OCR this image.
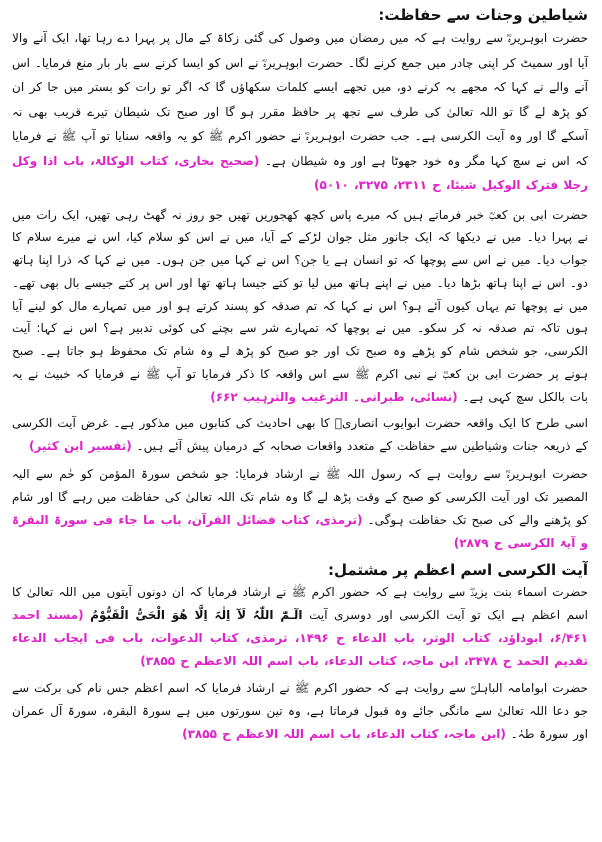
شیاطین وجنات سے حفاظت:

حضرت ابوہریرہؓ سے روایت ہے کہ میں رمضان میں وصول کی گئی زکاۃ کے مال پر پہرا دے رہا تھا، ایک آنے والا آیا اور سمیٹ کر اپنی چادر میں جمع کرنے لگا۔ حضرت ابوہریرہؓ نے اس کو ایسا کرنے سے بار بار منع فرمایا۔ اس آنے والے نے کہا کہ مجھے یہ کرنے دو، میں تجھے ایسے کلمات سکھاؤں گا کہ اگر تو رات کو بستر میں جا کر ان کو پڑھ لے گا تو اللہ تعالیٰ کی طرف سے تجھ پر حافظ مقرر ہو گا اور صبح تک شیطان تیرے قریب بھی نہ آسکے گا اور وہ آیت الکرسی ہے۔ جب حضرت ابوہریرہؓ نے حضور اکرم ﷺ کو یہ واقعہ سنایا تو آپ ﷺ نے فرمایا کہ اس نے سچ کہا مگر وہ خود جھوٹا ہے اور وہ شیطان ہے۔ (صحیح بخاری، کتاب الوکالۃ، باب اذا وکل رجلا فترک الوکیل شیئا، ح ۲۳۱۱، ۳۲۷۵، ۵۰۱۰)

حضرت ابی بن کعبؓ خبر فرماتے ہیں کہ میرے پاس کچھ کھجوریں تھیں جو روز نہ گھٹ رہی تھیں، ایک رات میں نے پہرا دیا۔ میں نے دیکھا کہ ایک جانور مثل جوان لڑکے کے آیا، میں نے اس کو سلام کیا، اس نے میرے سلام کا جواب دیا۔ میں نے اس سے پوچھا کہ تو انسان ہے یا جن؟ اس نے کہا میں جن ہوں۔ میں نے کہا کہ ذرا اپنا ہاتھ دو۔ اس نے اپنا ہاتھ بڑھا دیا۔ میں نے اپنے ہاتھ میں لیا تو کتے جیسا ہاتھ تھا اور اس پر کتے جیسے بال بھی تھے۔ میں نے پوچھا تم یہاں کیوں آئے ہو؟ اس نے کہا کہ تم صدقہ کو پسند کرتے ہو اور میں تمہارے مال کو لینے آیا ہوں تاکہ تم صدقہ نہ کر سکو۔ میں نے پوچھا کہ تمہارے شر سے بچنے کی کوئی تدبیر ہے؟ اس نے کہا: آیت الکرسی، جو شخص شام کو پڑھے وہ صبح تک اور جو صبح کو پڑھ لے وہ شام تک محفوظ ہو جاتا ہے۔ صبح ہونے پر حضرت ابی بن کعبؓ نے نبی اکرم ﷺ سے اس واقعہ کا ذکر فرمایا تو آپ ﷺ نے فرمایا کہ خبیث نے یہ بات بالکل سچ کہی ہے۔ (نسائی، طبرانی۔ الترغیب والترہیب ۶۶۲)

اسی طرح کا ایک واقعہ حضرت ابوایوب انصاریؓ کا بھی احادیث کی کتابوں میں مذکور ہے۔ غرض آیت الکرسی کے ذریعہ جنات وشیاطین سے حفاظت کے متعدد واقعات صحابہ کے درمیان پیش آئے ہیں۔ (تفسیر ابن کثیر)

حضرت ابوہریرہؓ سے روایت ہے کہ رسول اللہ ﷺ نے ارشاد فرمایا: جو شخص سورۃ المؤمن کو حٰم سے الیہ المصیر تک اور آیت الکرسی کو صبح کے وقت پڑھ لے گا وہ شام تک اللہ تعالیٰ کی حفاظت میں رہے گا اور شام کو پڑھنے والے کی صبح تک حفاظت ہوگی۔ (ترمذی، کتاب فضائل القرآن، باب ما جاء فی سورۃ البقرۃ و آیۃ الکرسی ح ۲۸۷۹)

آیت الکرسی اسم اعظم پر مشتمل:

حضرت اسماء بنت یزیدؓ سے روایت ہے کہ حضور اکرم ﷺ نے ارشاد فرمایا کہ ان دونوں آیتوں میں اللہ تعالیٰ کا اسم اعظم ہے ایک تو آیت الکرسی اور دوسری آیت الٓـمّٓ اللّٰہُ لَآ اِلٰہَ اِلَّا ھُوَ الْحَیُّ الْقَیُّوْمُ (مسند احمد ۶/۴۶۱، ابوداؤد، کتاب الوتر، باب الدعاء ح ۱۴۹۶، ترمذی، کتاب الدعوات، باب فی ایجاب الدعاء تقدیم الحمد ح ۳۴۷۸، ابن ماجہ، کتاب الدعاء، باب اسم اللہ الاعظم ح ۳۸۵۵)

حضرت ابوامامہ الباہلیؓ سے روایت ہے کہ حضور اکرم ﷺ نے ارشاد فرمایا کہ اسم اعظم جس نام کی برکت سے جو دعا اللہ تعالیٰ سے مانگی جائے وہ قبول فرماتا ہے، وہ تین سورتوں میں ہے سورۃ البقرہ، سورۃ آل عمران اور سورۃ طہٰ۔ (ابن ماجہ، کتاب الدعاء، باب اسم اللہ الاعظم ح ۳۸۵۵)
